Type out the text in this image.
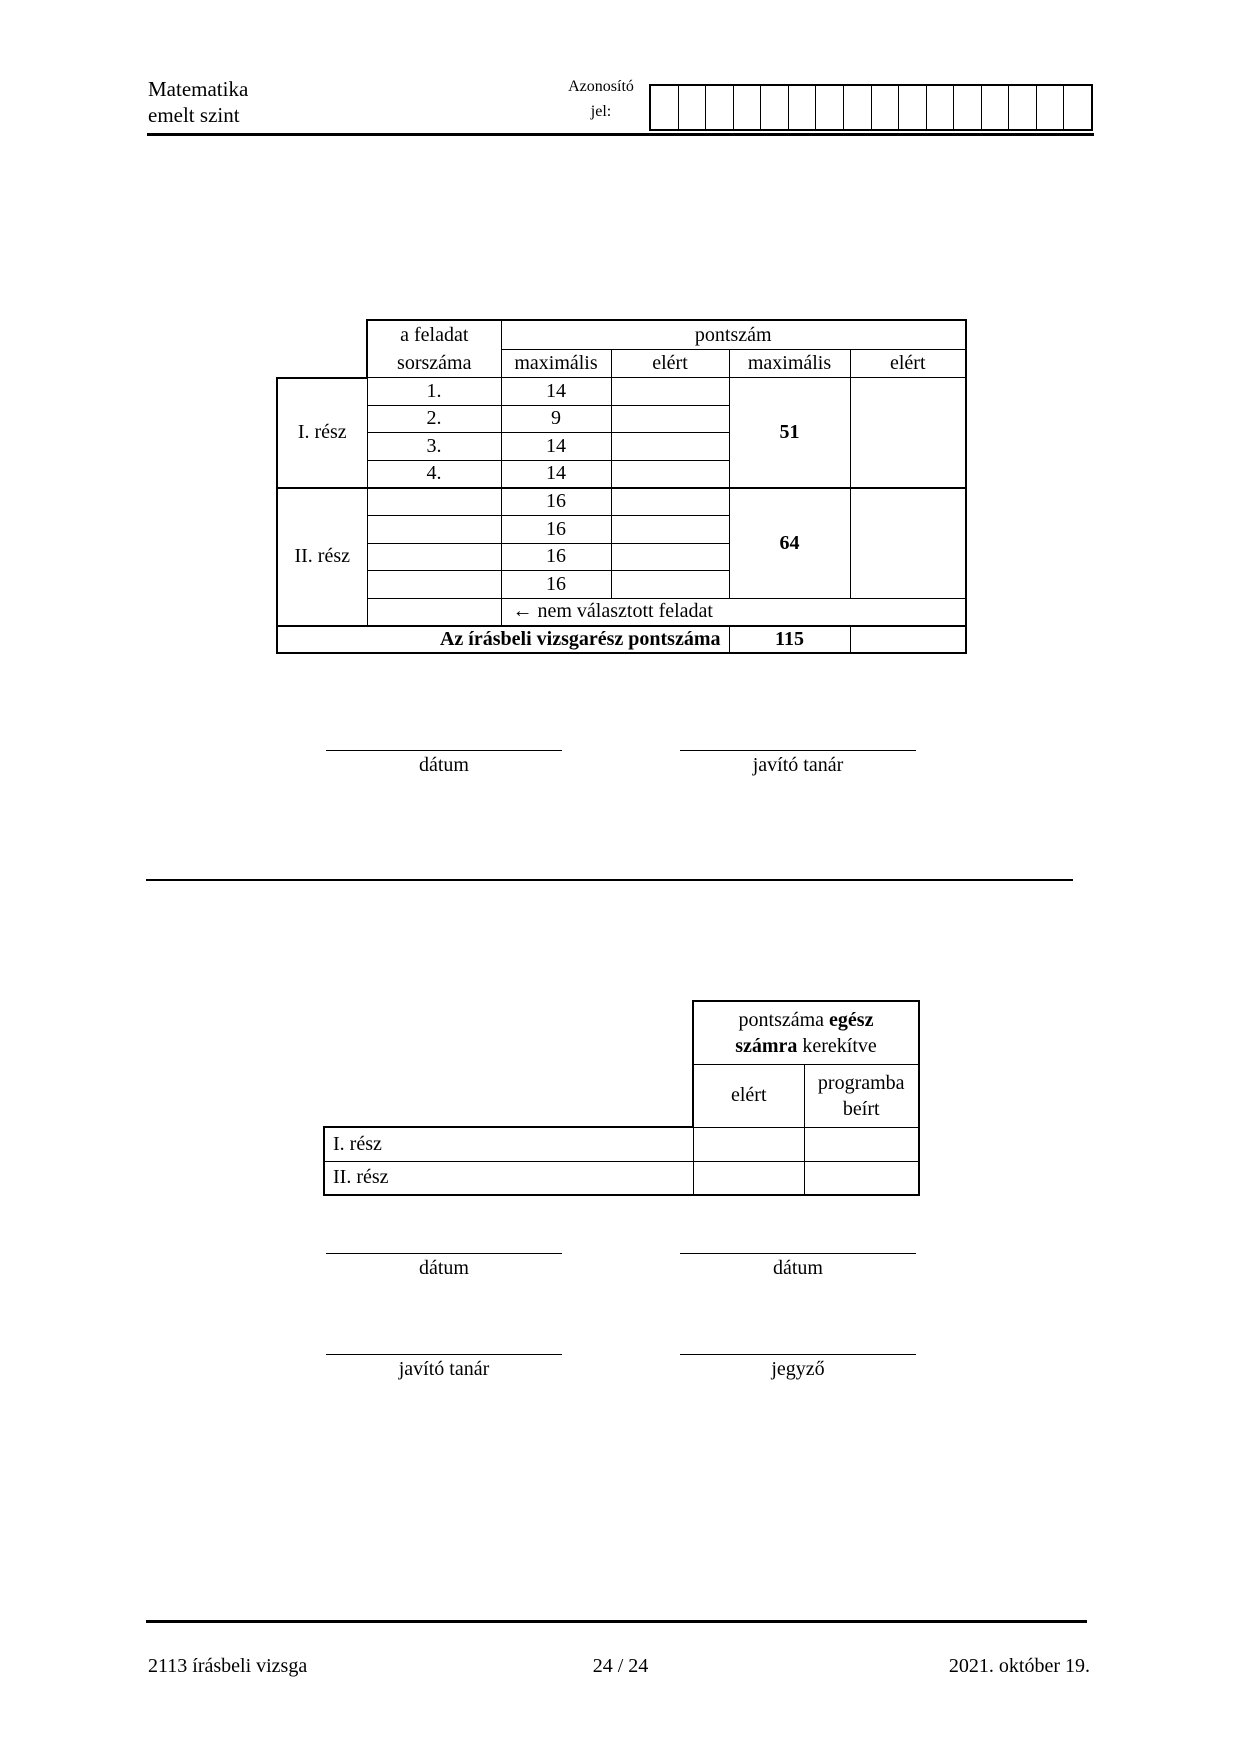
Matematika
emelt szint
Azonosító
jel:

	a feladat
sorszáma	pontszám			
		maximális	elért	maximális	elért
I. rész	1.	14		51	
	2.	9			
	3.	14			
	4.	14			
II. rész		16		64	
		16			
		16			
		16			
		← nem választott feladat			
Az írásbeli vizsgarész pontszáma				115	
dátum	javító tanár

	pontszáma egész
számra kerekítve	

	elért	programba
beírt

I. rész		
II. rész		
dátum	dátum
javító tanár	jegyző
2113 írásbeli vizsga	24 / 24	2021. október 19.
